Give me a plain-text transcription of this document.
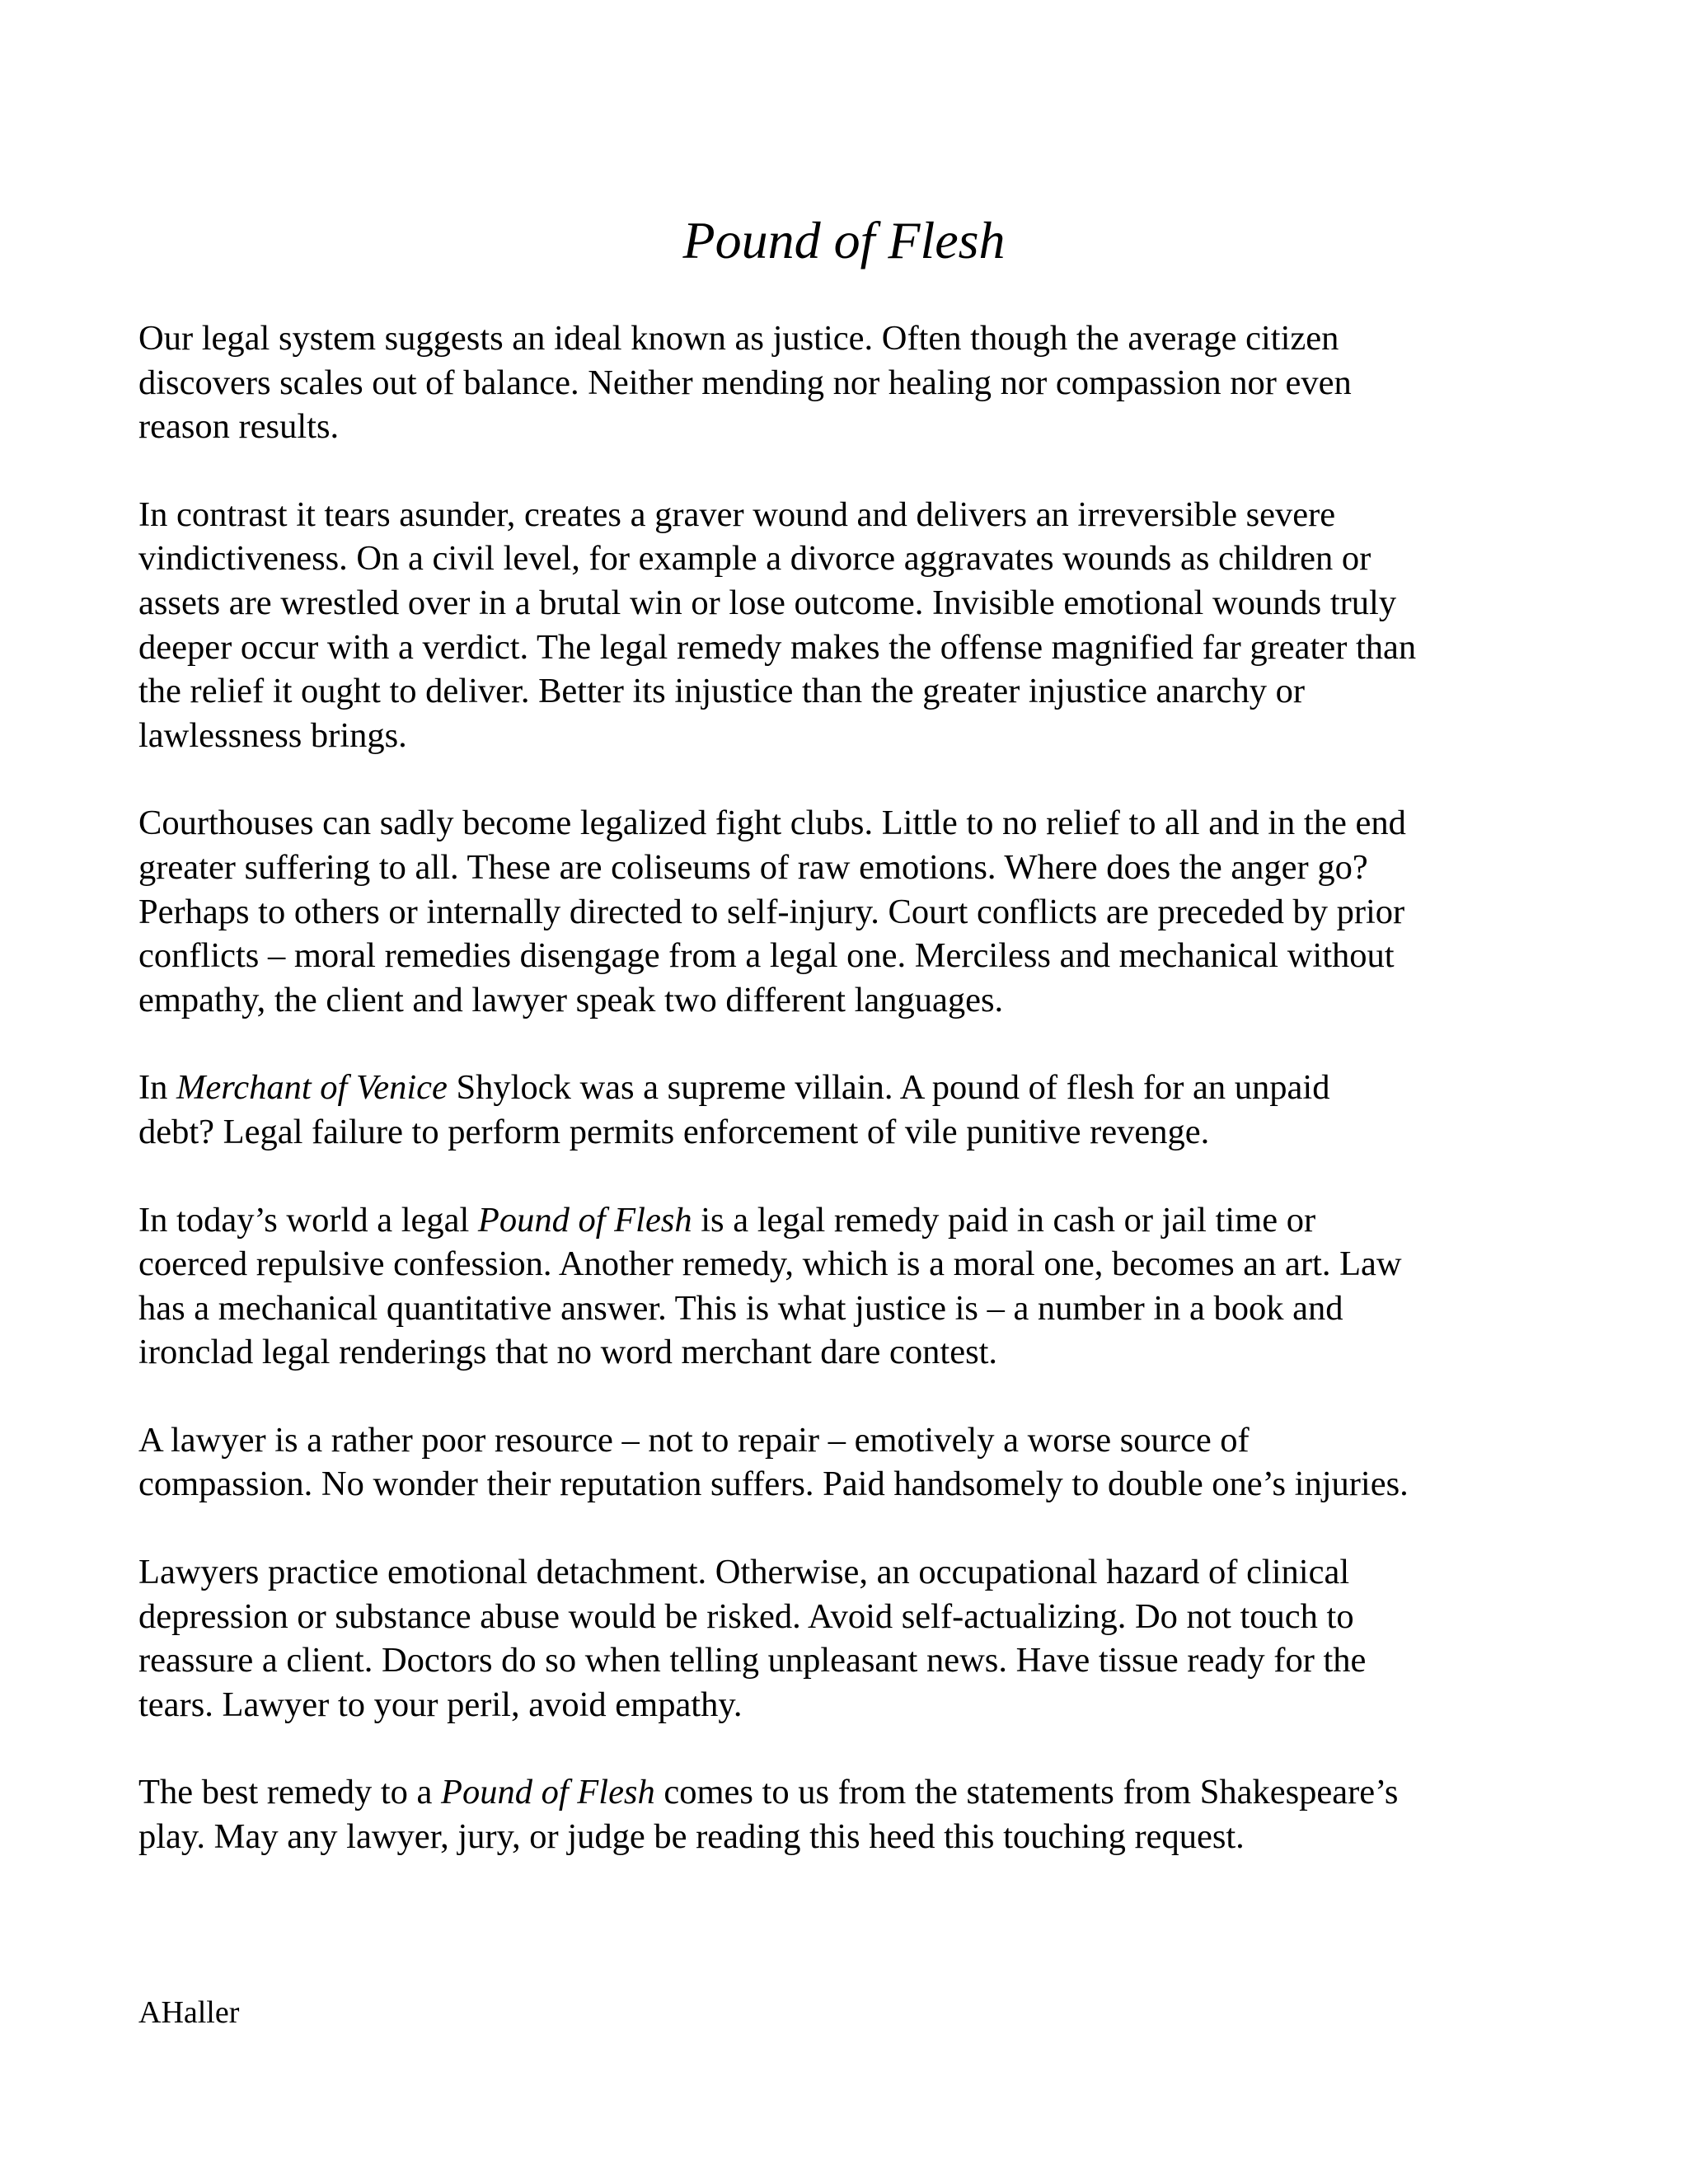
Pound of Flesh

Our legal system suggests an ideal known as justice. Often though the average citizen
discovers scales out of balance. Neither mending nor healing nor compassion nor even
reason results.

In contrast it tears asunder, creates a graver wound and delivers an irreversible severe
vindictiveness. On a civil level, for example a divorce aggravates wounds as children or
assets are wrestled over in a brutal win or lose outcome. Invisible emotional wounds truly
deeper occur with a verdict. The legal remedy makes the offense magnified far greater than
the relief it ought to deliver. Better its injustice than the greater injustice anarchy or
lawlessness brings.

Courthouses can sadly become legalized fight clubs. Little to no relief to all and in the end
greater suffering to all. These are coliseums of raw emotions. Where does the anger go?
Perhaps to others or internally directed to self-injury. Court conflicts are preceded by prior
conflicts – moral remedies disengage from a legal one. Merciless and mechanical without
empathy, the client and lawyer speak two different languages.

In Merchant of Venice Shylock was a supreme villain. A pound of flesh for an unpaid
debt? Legal failure to perform permits enforcement of vile punitive revenge.

In today’s world a legal Pound of Flesh is a legal remedy paid in cash or jail time or
coerced repulsive confession. Another remedy, which is a moral one, becomes an art. Law
has a mechanical quantitative answer. This is what justice is – a number in a book and
ironclad legal renderings that no word merchant dare contest.

A lawyer is a rather poor resource – not to repair – emotively a worse source of
compassion. No wonder their reputation suffers. Paid handsomely to double one’s injuries.

Lawyers practice emotional detachment. Otherwise, an occupational hazard of clinical
depression or substance abuse would be risked. Avoid self-actualizing. Do not touch to
reassure a client. Doctors do so when telling unpleasant news. Have tissue ready for the
tears. Lawyer to your peril, avoid empathy.

The best remedy to a Pound of Flesh comes to us from the statements from Shakespeare’s
play. May any lawyer, jury, or judge be reading this heed this touching request.

AHaller
